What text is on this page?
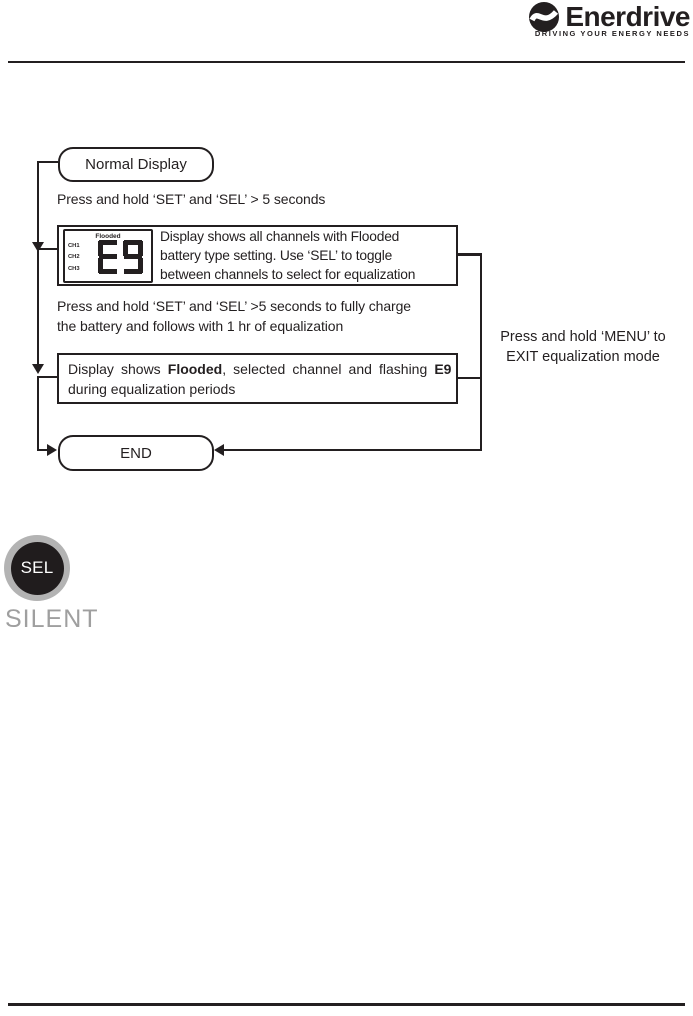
Enerdrive
DRIVING YOUR ENERGY NEEDS
Normal Display
Press and hold ‘SET’ and ‘SEL’ > 5 seconds
Flooded
CH1
CH2
CH3
Display shows all channels with Flooded
battery type setting. Use ‘SEL’ to toggle
between channels to select for equalization
Press and hold ‘SET’ and ‘SEL’ >5 seconds to fully charge
the battery and follows with 1 hr of equalization
Display shows Flooded, selected channel and flashing E9
during equalization periods
END
Press and hold ‘MENU’ to
EXIT equalization mode
SEL
SILENT
